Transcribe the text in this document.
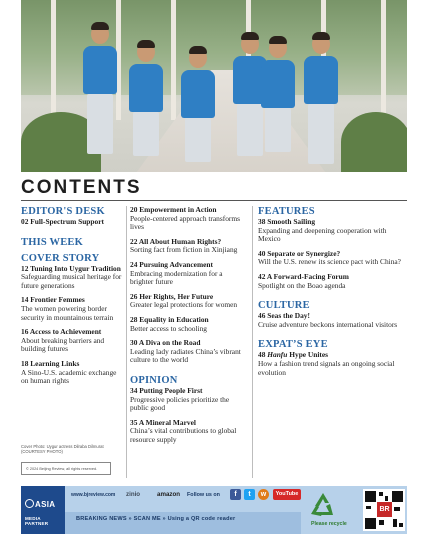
CONTENTS
EDITOR'S DESK
02 Full-Spectrum Support
THIS WEEK
COVER STORY
12 Tuning Into Uygur Tradition
Safeguarding musical heritage for future generations
14 Frontier Femmes
The women powering border security in mountainous terrain
16 Access to Achievement
About breaking barriers and building futures
18 Learning Links
A Sino-U.S. academic exchange on human rights
Cover Photo: Uygur actress Dilraba Dilmurat (COURTESY PHOTO)
© 2024 Beijing Review, all rights reserved.
20 Empowerment in Action
People-centered approach transforms lives
22 All About Human Rights?
Sorting fact from fiction in Xinjiang
24 Pursuing Advancement
Embracing modernization for a brighter future
26 Her Rights, Her Future
Greater legal protections for women
28 Equality in Education
Better access to schooling
30 A Diva on the Road
Leading lady radiates China’s vibrant culture to the world
OPINION
34 Putting People First
Progressive policies prioritize the public good
35 A Mineral Marvel
China’s vital contributions to global resource supply
FEATURES
38 Smooth Sailing
Expanding and deepening cooperation with Mexico
40 Separate or Synergize?
Will the U.S. renew its science pact with China?
42 A Forward-Facing Forum
Spotlight on the Boao agenda
CULTURE
46 Seas the Day!
Cruise adventure beckons international visitors
EXPAT’S EYE
48 Hanfu Hype Unites
How a fashion trend signals an ongoing social evolution
ASIA
MEDIA PARTNER
www.bjreview.com zinio	amazon Follow us on	f	t	w	YouTube
BREAKING NEWS » SCAN ME » Using a QR code reader
Please recycle
BR
